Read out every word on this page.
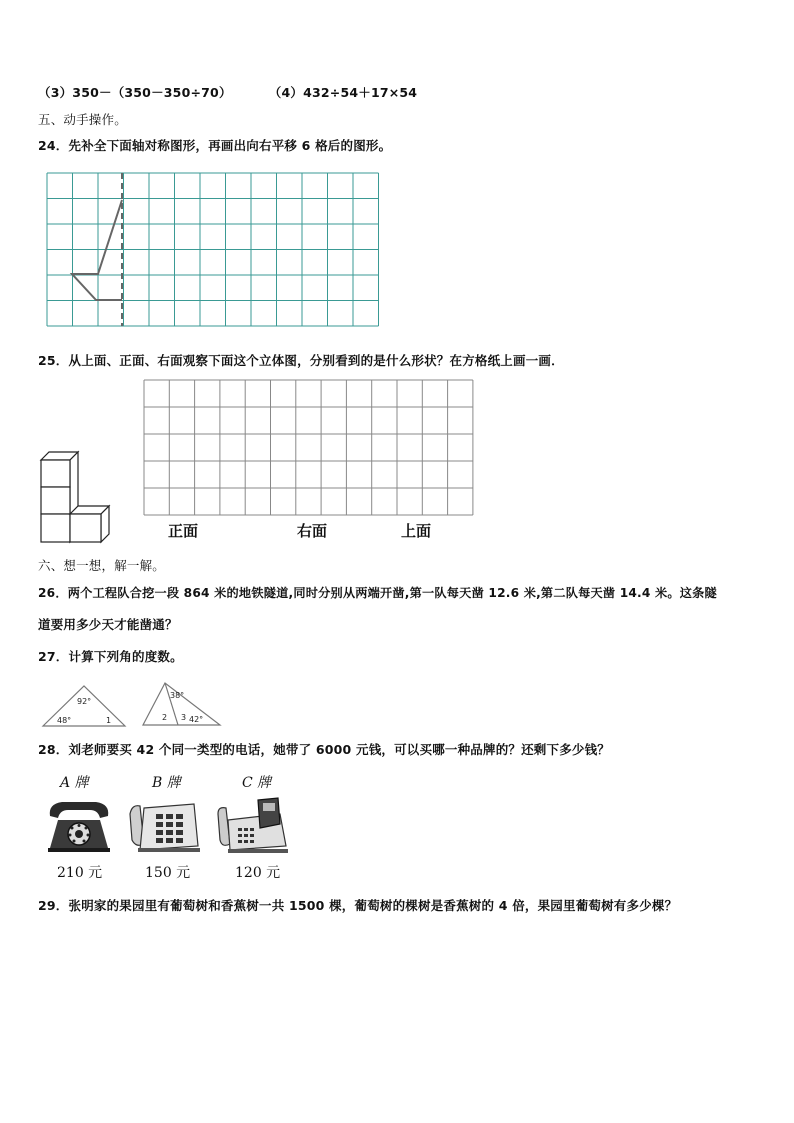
（3）350－（350－350÷70）	（4）432÷54＋17×54
五、动手操作。
24．先补全下面轴对称图形，再画出向右平移 6 格后的图形。
25．从上面、正面、右面观察下面这个立体图，分别看到的是什么形状？在方格纸上画一画．
正面	右面	上面
六、想一想，解一解。
26．两个工程队合挖一段 864 米的地铁隧道,同时分别从两端开凿,第一队每天凿 12.6 米,第二队每天凿 14.4 米。这条隧
道要用多少天才能凿通？
27．计算下列角的度数。
92°
48°	1
38°
2 3 42°
28．刘老师要买 42 个同一类型的电话，她带了 6000 元钱，可以买哪一种品牌的？还剩下多少钱？
A 牌	B 牌	C 牌
210 元	150 元	120 元
29．张明家的果园里有葡萄树和香蕉树一共 1500 棵，葡萄树的棵树是香蕉树的 4 倍，果园里葡萄树有多少棵？
